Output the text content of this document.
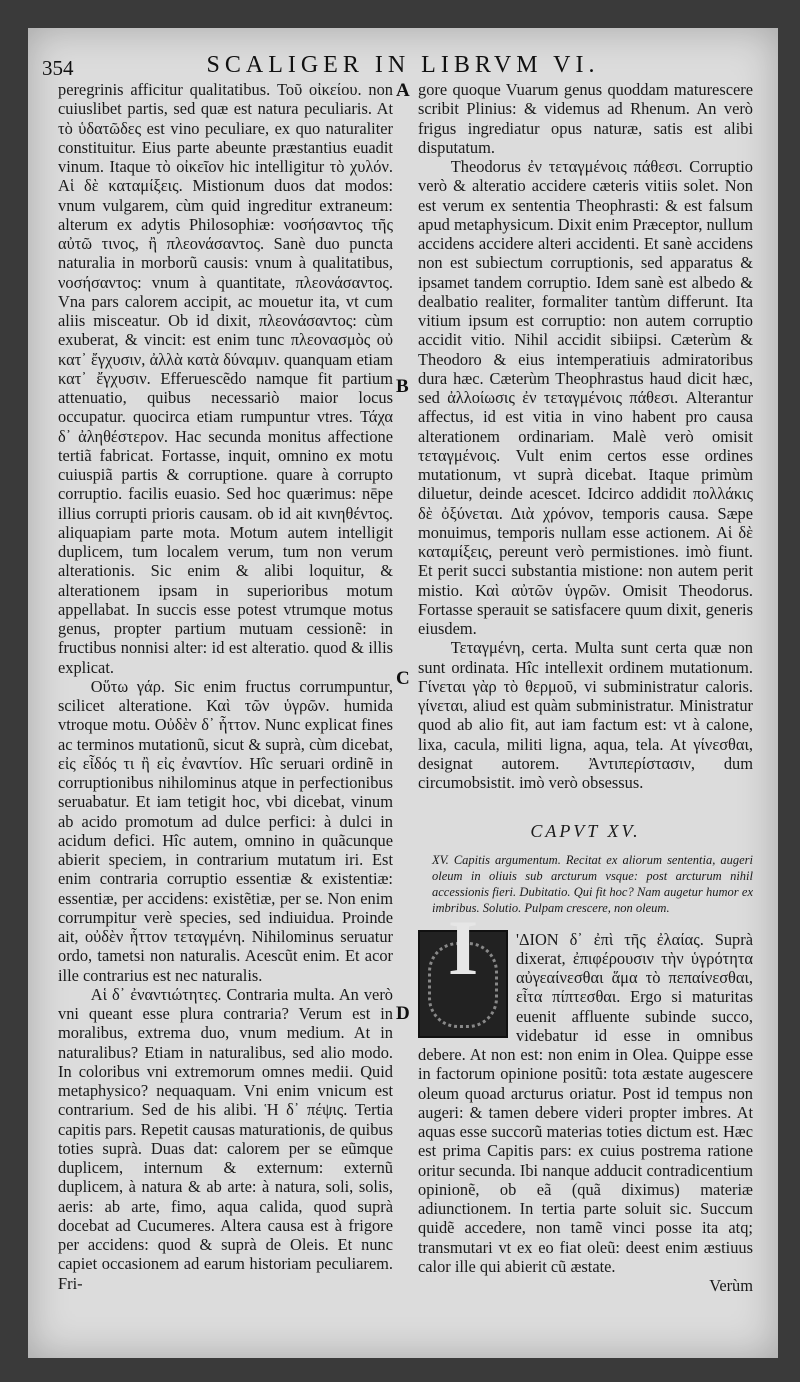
354	SCALIGER IN LIBRVM VI.
A
B
C
D

peregrinis afficitur qualitatibus. Τοῦ οἰκείου. non cuiuslibet partis, sed quæ est natura peculiaris. At τὸ ὑδατῶδες est vino peculiare, ex quo naturaliter constituitur. Eius parte abeunte præstantius euadit vinum. Itaque τὸ οἰκεῖον hic intelligitur τὸ χυλόν. Αἱ δὲ καταμίξεις. Mistionum duos dat modos: vnum vulgarem, cùm quid ingreditur extraneum: alterum ex adytis Philosophiæ: νοσήσαντος τῆς αὐτῶ τινος, ἢ πλεονάσαντος. Sanè duo puncta naturalia in morborũ causis: vnum à qualitatibus, νοσήσαντος: vnum à quantitate, πλεονάσαντος. Vna pars calorem accipit, ac mouetur ita, vt cum aliis misceatur. Ob id dixit, πλεονάσαντος: cùm exuberat, & vincit: est enim tunc πλεονασμὸς οὐ κατ᾽ ἔγχυσιν, ἀλλὰ κατὰ δύναμιν. quanquam etiam κατ᾽ ἔγχυσιν. Efferuescẽdo namque fit partium attenuatio, quibus necessariò maior locus occupatur. quocirca etiam rumpuntur vtres. Τάχα δ᾽ ἀληθέστερον. Hac secunda monitus affectione tertiã fabricat. Fortasse, inquit, omnino ex motu cuiuspiã partis & corruptione. quare à corrupto corruptio. facilis euasio. Sed hoc quærimus: nēpe illius corrupti prioris causam. ob id ait κινηθέντος. aliquapiam parte mota. Motum autem intelligit duplicem, tum localem verum, tum non verum alterationis. Sic enim & alibi loquitur, & alterationem ipsam in superioribus motum appellabat. In succis esse potest vtrumque motus genus, propter partium mutuam cessionẽ: in fructibus nonnisi alter: id est alteratio. quod & illis explicat.

Οὕτω γάρ. Sic enim fructus corrumpuntur, scilicet alteratione. Καὶ τῶν ὑγρῶν. humida vtroque motu. Οὐδὲν δ᾽ ἧττον. Nunc explicat fines ac terminos mutationũ, sicut & suprà, cùm dicebat, εἰς εἶδός τι ἢ εἰς ἐναντίον. Hîc seruari ordinẽ in corruptionibus nihilominus atque in perfectionibus seruabatur. Et iam tetigit hoc, vbi dicebat, vinum ab acido promotum ad dulce perfici: à dulci in acidum defici. Hîc autem, omnino in quãcunque abierit speciem, in contrarium mutatum iri. Est enim contraria corruptio essentiæ & existentiæ: essentiæ, per accidens: existẽtiæ, per se. Non enim corrumpitur verè species, sed indiuidua. Proinde ait, οὐδὲν ἧττον τεταγμένη. Nihilominus seruatur ordo, tametsi non naturalis. Acescũt enim. Et acor ille contrarius est nec naturalis.

Αἱ δ᾽ ἐναντιώτητες. Contraria multa. An verò vni queant esse plura contraria? Verum est in moralibus, extrema duo, vnum medium. At in naturalibus? Etiam in naturalibus, sed alio modo. In coloribus vni extremorum omnes medii. Quid metaphysico? nequaquam. Vni enim vnicum est contrarium. Sed de his alibi. Ἡ δ᾽ πέψις. Tertia capitis pars. Repetit causas maturationis, de quibus toties suprà. Duas dat: calorem per se eũmque duplicem, internum & externum: externũ duplicem, à natura & ab arte: à natura, soli, solis, aeris: ab arte, fimo, aqua calida, quod suprà docebat ad Cucumeres. Altera causa est à frigore per accidens: quod & suprà de Oleis. Et nunc capiet occasionem ad earum historiam peculiarem. Fri-

gore quoque Vuarum genus quoddam maturescere scribit Plinius: & videmus ad Rhenum. An verò frigus ingrediatur opus naturæ, satis est alibi disputatum.

Theodorus ἐν τεταγμένοις πάθεσι. Corruptio verò & alteratio accidere cæteris vitiis solet. Non est verum ex sententia Theophrasti: & est falsum apud metaphysicum. Dixit enim Præceptor, nullum accidens accidere alteri accidenti. Et sanè accidens non est subiectum corruptionis, sed apparatus & ipsamet tandem corruptio. Idem sanè est albedo & dealbatio realiter, formaliter tantùm differunt. Ita vitium ipsum est corruptio: non autem corruptio accidit vitio. Nihil accidit sibiipsi. Cæterùm & Theodoro & eius intemperatiuis admiratoribus dura hæc. Cæterùm Theophrastus haud dicit hæc, sed ἀλλοίωσις ἐν τεταγμένοις πάθεσι. Alterantur affectus, id est vitia in vino habent pro causa alterationem ordinariam. Malè verò omisit τεταγμένοις. Vult enim certos esse ordines mutationum, vt suprà dicebat. Itaque primùm diluetur, deinde acescet. Idcirco addidit πολλάκις δὲ ὀξύνεται. Διὰ χρόνον, temporis causa. Sæpe monuimus, temporis nullam esse actionem. Αἱ δὲ καταμίξεις, pereunt verò permistiones. imò fiunt. Et perit succi substantia mistione: non autem perit mistio. Καὶ αὐτῶν ὑγρῶν. Omisit Theodorus. Fortasse sperauit se satisfacere quum dixit, generis eiusdem.

Τεταγμένη, certa. Multa sunt certa quæ non sunt ordinata. Hîc intellexit ordinem mutationum. Γίνεται γὰρ τὸ θερμοῦ, vi subministratur caloris. γίνεται, aliud est quàm subministratur. Ministratur quod ab alio fit, aut iam factum est: vt à calone, lixa, cacula, militi ligna, aqua, tela. At γίνεσθαι, designat autorem. Ἀντιπερίστασιν, dum circumobsistit. imò verò obsessus.

CAPVT XV.
XV. Capitis argumentum. Recitat ex aliorum sententia, augeri oleum in oliuis sub arcturum vsque: post arcturum nihil accessionis fieri. Dubitatio. Qui fit hoc? Nam augetur humor ex imbribus. Solutio. Pulpam crescere, non oleum.
I	'ΔΙΟΝ δ᾽ ἐπὶ τῆς ἐλαίας. Suprà dixerat, ἐπιφέρουσιν τὴν ὑγρότητα αὐγεαίνεσθαι ἅμα τὸ πεπαίνεσθαι, εἶτα πίπτεσθαι. Ergo si maturitas euenit affluente subinde succo, videbatur id esse in omnibus debere. At non est: non enim in Olea. Quippe esse in factorum opinione positũ: tota æstate augescere oleum quoad arcturus oriatur. Post id tempus non augeri: & tamen debere videri propter imbres. At aquas esse succorũ materias toties dictum est. Hæc est prima Capitis pars: ex cuius postrema ratione oritur secunda. Ibi nanque adducit contradicentium opinionẽ, ob eã (quã diximus) materiæ adiunctionem. In tertia parte soluit sic. Succum quidẽ accedere, non tamẽ vinci posse ita atq; transmutari vt ex eo fiat oleũ: deest enim æstiuus calor ille qui abierit cũ æstate.

Verùm
